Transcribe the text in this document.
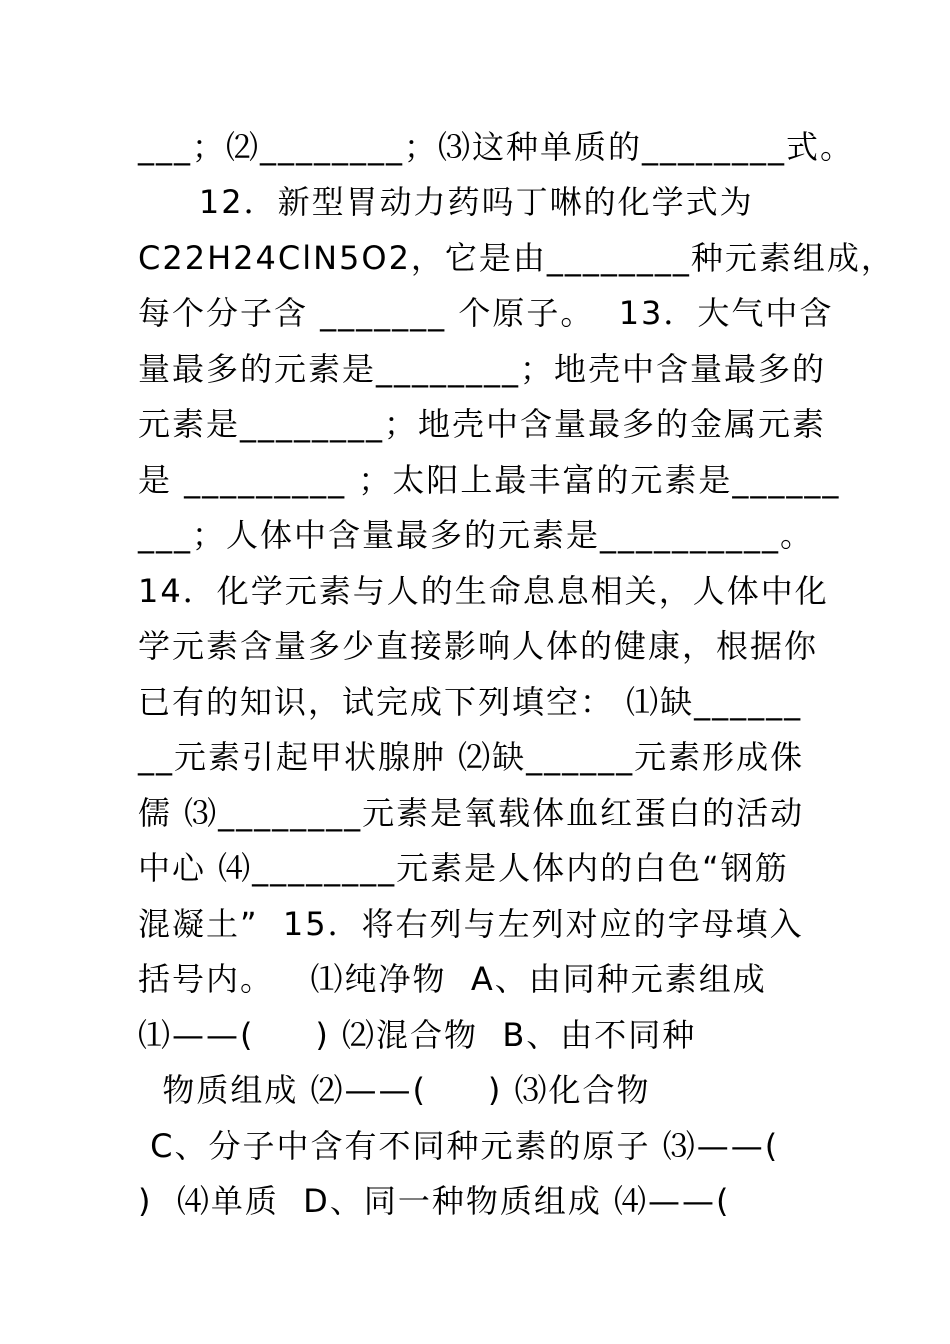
___；⑵________；⑶这种单质的________式。
12．新型胃动力药吗丁啉的化学式为
C22H24ClN5O2，它是由________种元素组成，
每个分子含 _______ 个原子。  13．大气中含
量最多的元素是________；地壳中含量最多的
元素是________；地壳中含量最多的金属元素
是 _________ ；太阳上最丰富的元素是______
___；人体中含量最多的元素是__________。
14．化学元素与人的生命息息相关，人体中化
学元素含量多少直接影响人体的健康，根据你
已有的知识，试完成下列填空： ⑴缺______
__元素引起甲状腺肿 ⑵缺______元素形成侏
儒 ⑶________元素是氧载体血红蛋白的活动
中心 ⑷________元素是人体内的白色“钢筋
混凝土”  15．将右列与左列对应的字母填入
括号内。   ⑴纯净物  A、由同种元素组成
⑴——(     ) ⑵混合物  B、由不同种
物质组成 ⑵——(     ) ⑶化合物
C、分子中含有不同种元素的原子 ⑶——(
)  ⑷单质  D、同一种物质组成 ⑷——(
